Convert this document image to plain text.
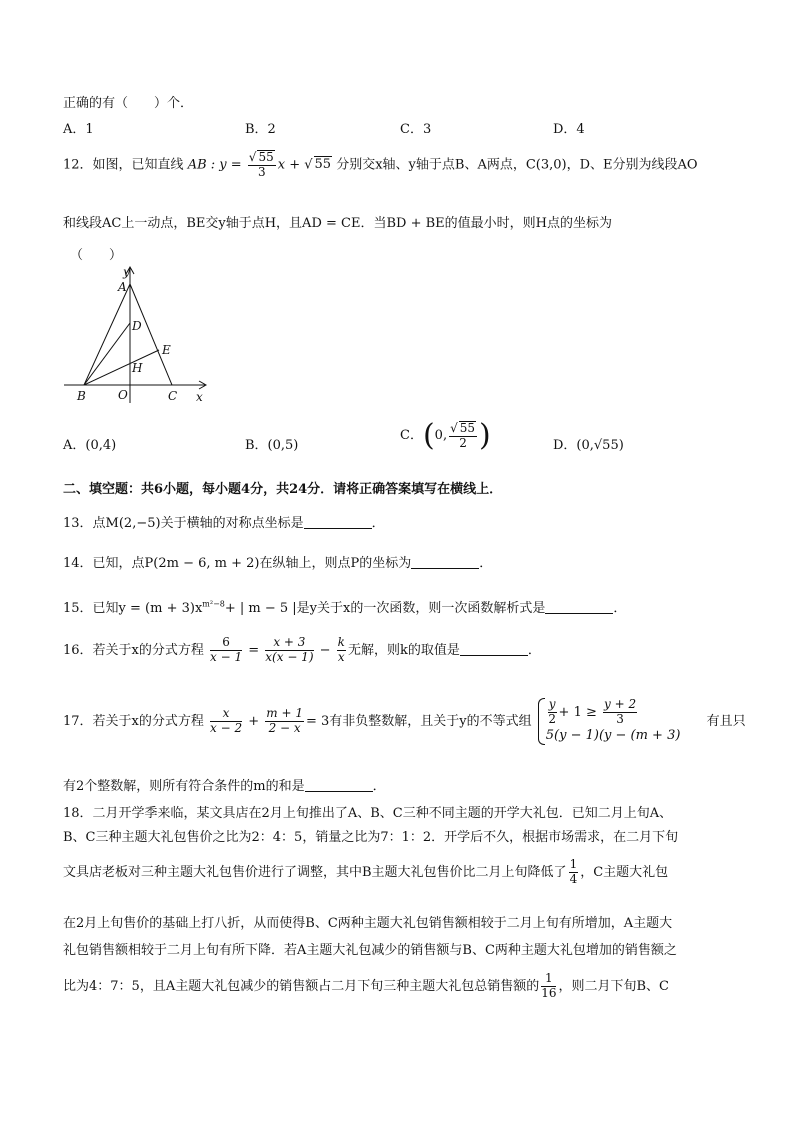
正确的有（　　）个．
A．1	B．2	C．3	D．4
12．如图，已知直线 AB : $y = \frac{√ 55}{3}$ x + √ 55 分别交x轴、y轴于点B、A两点，C(3,0)，D、E分别为线段AO
和线段AC上一动点，BE交y轴于点H，且AD = CE．当BD + BE的值最小时，则H点的坐标为
（　　）
y
A
D
E
H
B	O	C x
A．(0,4)	B．(0,5)
C．(0, $\frac{√ 55}{2}$ )	D．(0,√55)
二、填空题：共6小题，每小题4分，共24分．请将正确答案填写在横线上．
13．点M(2,−5)关于横轴的对称点坐标是	．
14．已知，点P(2m − 6, m + 2)在纵轴上，则点P的坐标为	．
15．已知$y = (m + 3)x^{m^2-8}+$ | m − 5 |是y关于x的一次函数，则一次函数解析式是	．
16．若关于x的分式方程 $\frac{6}{x - 1} = \frac{x + 3}{x(x - 1)} - \frac{k}{x}$ 无解，则k的取值是	．
17．若关于x的分式方程 $\frac{x}{x - 2} + \frac{m + 1}{2 - x} = 3$有非负整数解，且关于y的不等式组 $\frac{y}{2} + 1 \ge \frac{y + 2}{3}$
5(y − 1)(y − (m + 3)
有且只
有2个整数解，则所有符合条件的m的和是	．
18．二月开学季来临，某文具店在2月上旬推出了A、B、C三种不同主题的开学大礼包．已知二月上旬A、
B、C三种主题大礼包售价之比为2：4：5，销量之比为7：1：2．开学后不久，根据市场需求，在二月下旬
文具店老板对三种主题大礼包售价进行了调整，其中B主题大礼包售价比二月上旬降低了 $\frac{1}{4}$ ，C主题大礼包
在2月上旬售价的基础上打八折，从而使得B、C两种主题大礼包销售额相较于二月上旬有所增加，A主题大
礼包销售额相较于二月上旬有所下降．若A主题大礼包减少的销售额与B、C两种主题大礼包增加的销售额之
比为4：7：5，且A主题大礼包减少的销售额占二月下旬三种主题大礼包总销售额的 $\frac{1}{16}$ ，则二月下旬B、C
